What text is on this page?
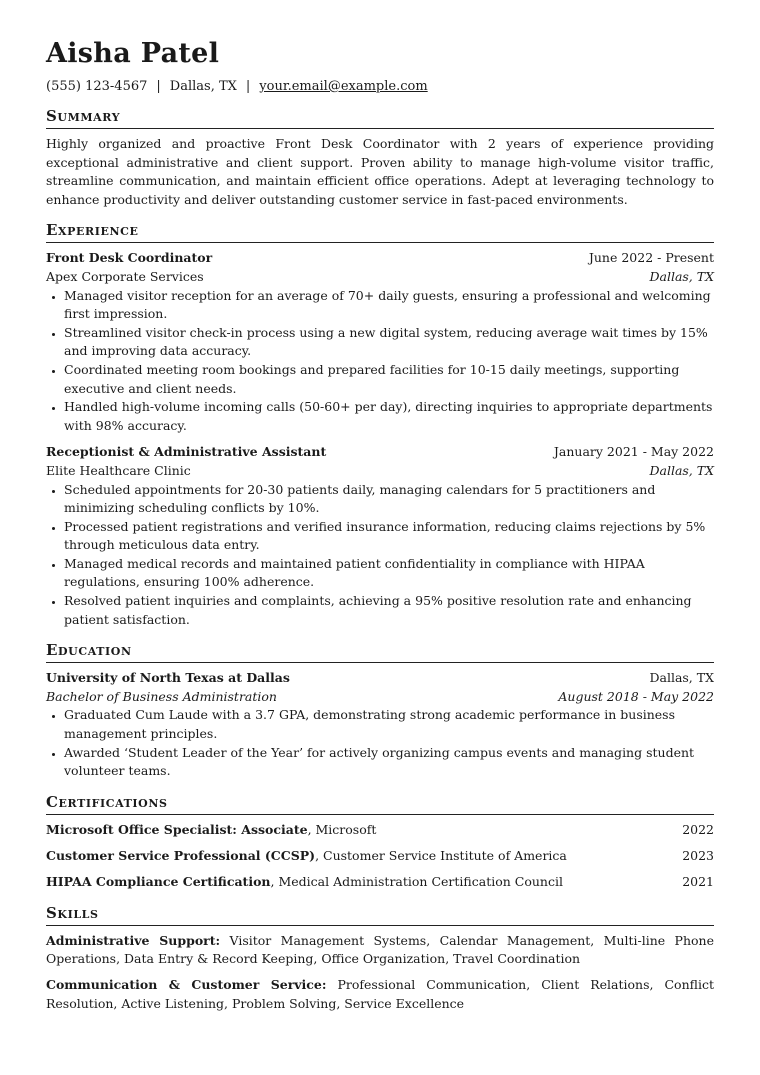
Aisha Patel
(555) 123-4567 | Dallas, TX | your.email@example.com
Summary

Highly organized and proactive Front Desk Coordinator with 2 years of experience providing exceptional administrative and client support. Proven ability to manage high-volume visitor traffic, streamline communication, and maintain efficient office operations. Adept at leveraging technology to enhance productivity and deliver outstanding customer service in fast-paced environments.

Experience
Front Desk Coordinator	June 2022 - Present
Apex Corporate Services	Dallas, TX
• Managed visitor reception for an average of 70+ daily guests, ensuring a professional and welcoming first impression.
• Streamlined visitor check-in process using a new digital system, reducing average wait times by 15% and improving data accuracy.
• Coordinated meeting room bookings and prepared facilities for 10-15 daily meetings, supporting executive and client needs.
• Handled high-volume incoming calls (50-60+ per day), directing inquiries to appropriate departments with 98% accuracy.
Receptionist & Administrative Assistant	January 2021 - May 2022
Elite Healthcare Clinic	Dallas, TX
• Scheduled appointments for 20-30 patients daily, managing calendars for 5 practitioners and minimizing scheduling conflicts by 10%.
• Processed patient registrations and verified insurance information, reducing claims rejections by 5% through meticulous data entry.
• Managed medical records and maintained patient confidentiality in compliance with HIPAA regulations, ensuring 100% adherence.
• Resolved patient inquiries and complaints, achieving a 95% positive resolution rate and enhancing patient satisfaction.
Education
University of North Texas at Dallas	Dallas, TX
Bachelor of Business Administration	August 2018 - May 2022
• Graduated Cum Laude with a 3.7 GPA, demonstrating strong academic performance in business management principles.
• Awarded ‘Student Leader of the Year’ for actively organizing campus events and managing student volunteer teams.
Certifications
Microsoft Office Specialist: Associate, Microsoft	2022
Customer Service Professional (CCSP), Customer Service Institute of America	2023
HIPAA Compliance Certification, Medical Administration Certification Council	2021
Skills

Administrative Support: Visitor Management Systems, Calendar Management, Multi-line Phone Operations, Data Entry & Record Keeping, Office Organization, Travel Coordination

Communication & Customer Service: Professional Communication, Client Relations, Conflict Resolution, Active Listening, Problem Solving, Service Excellence
